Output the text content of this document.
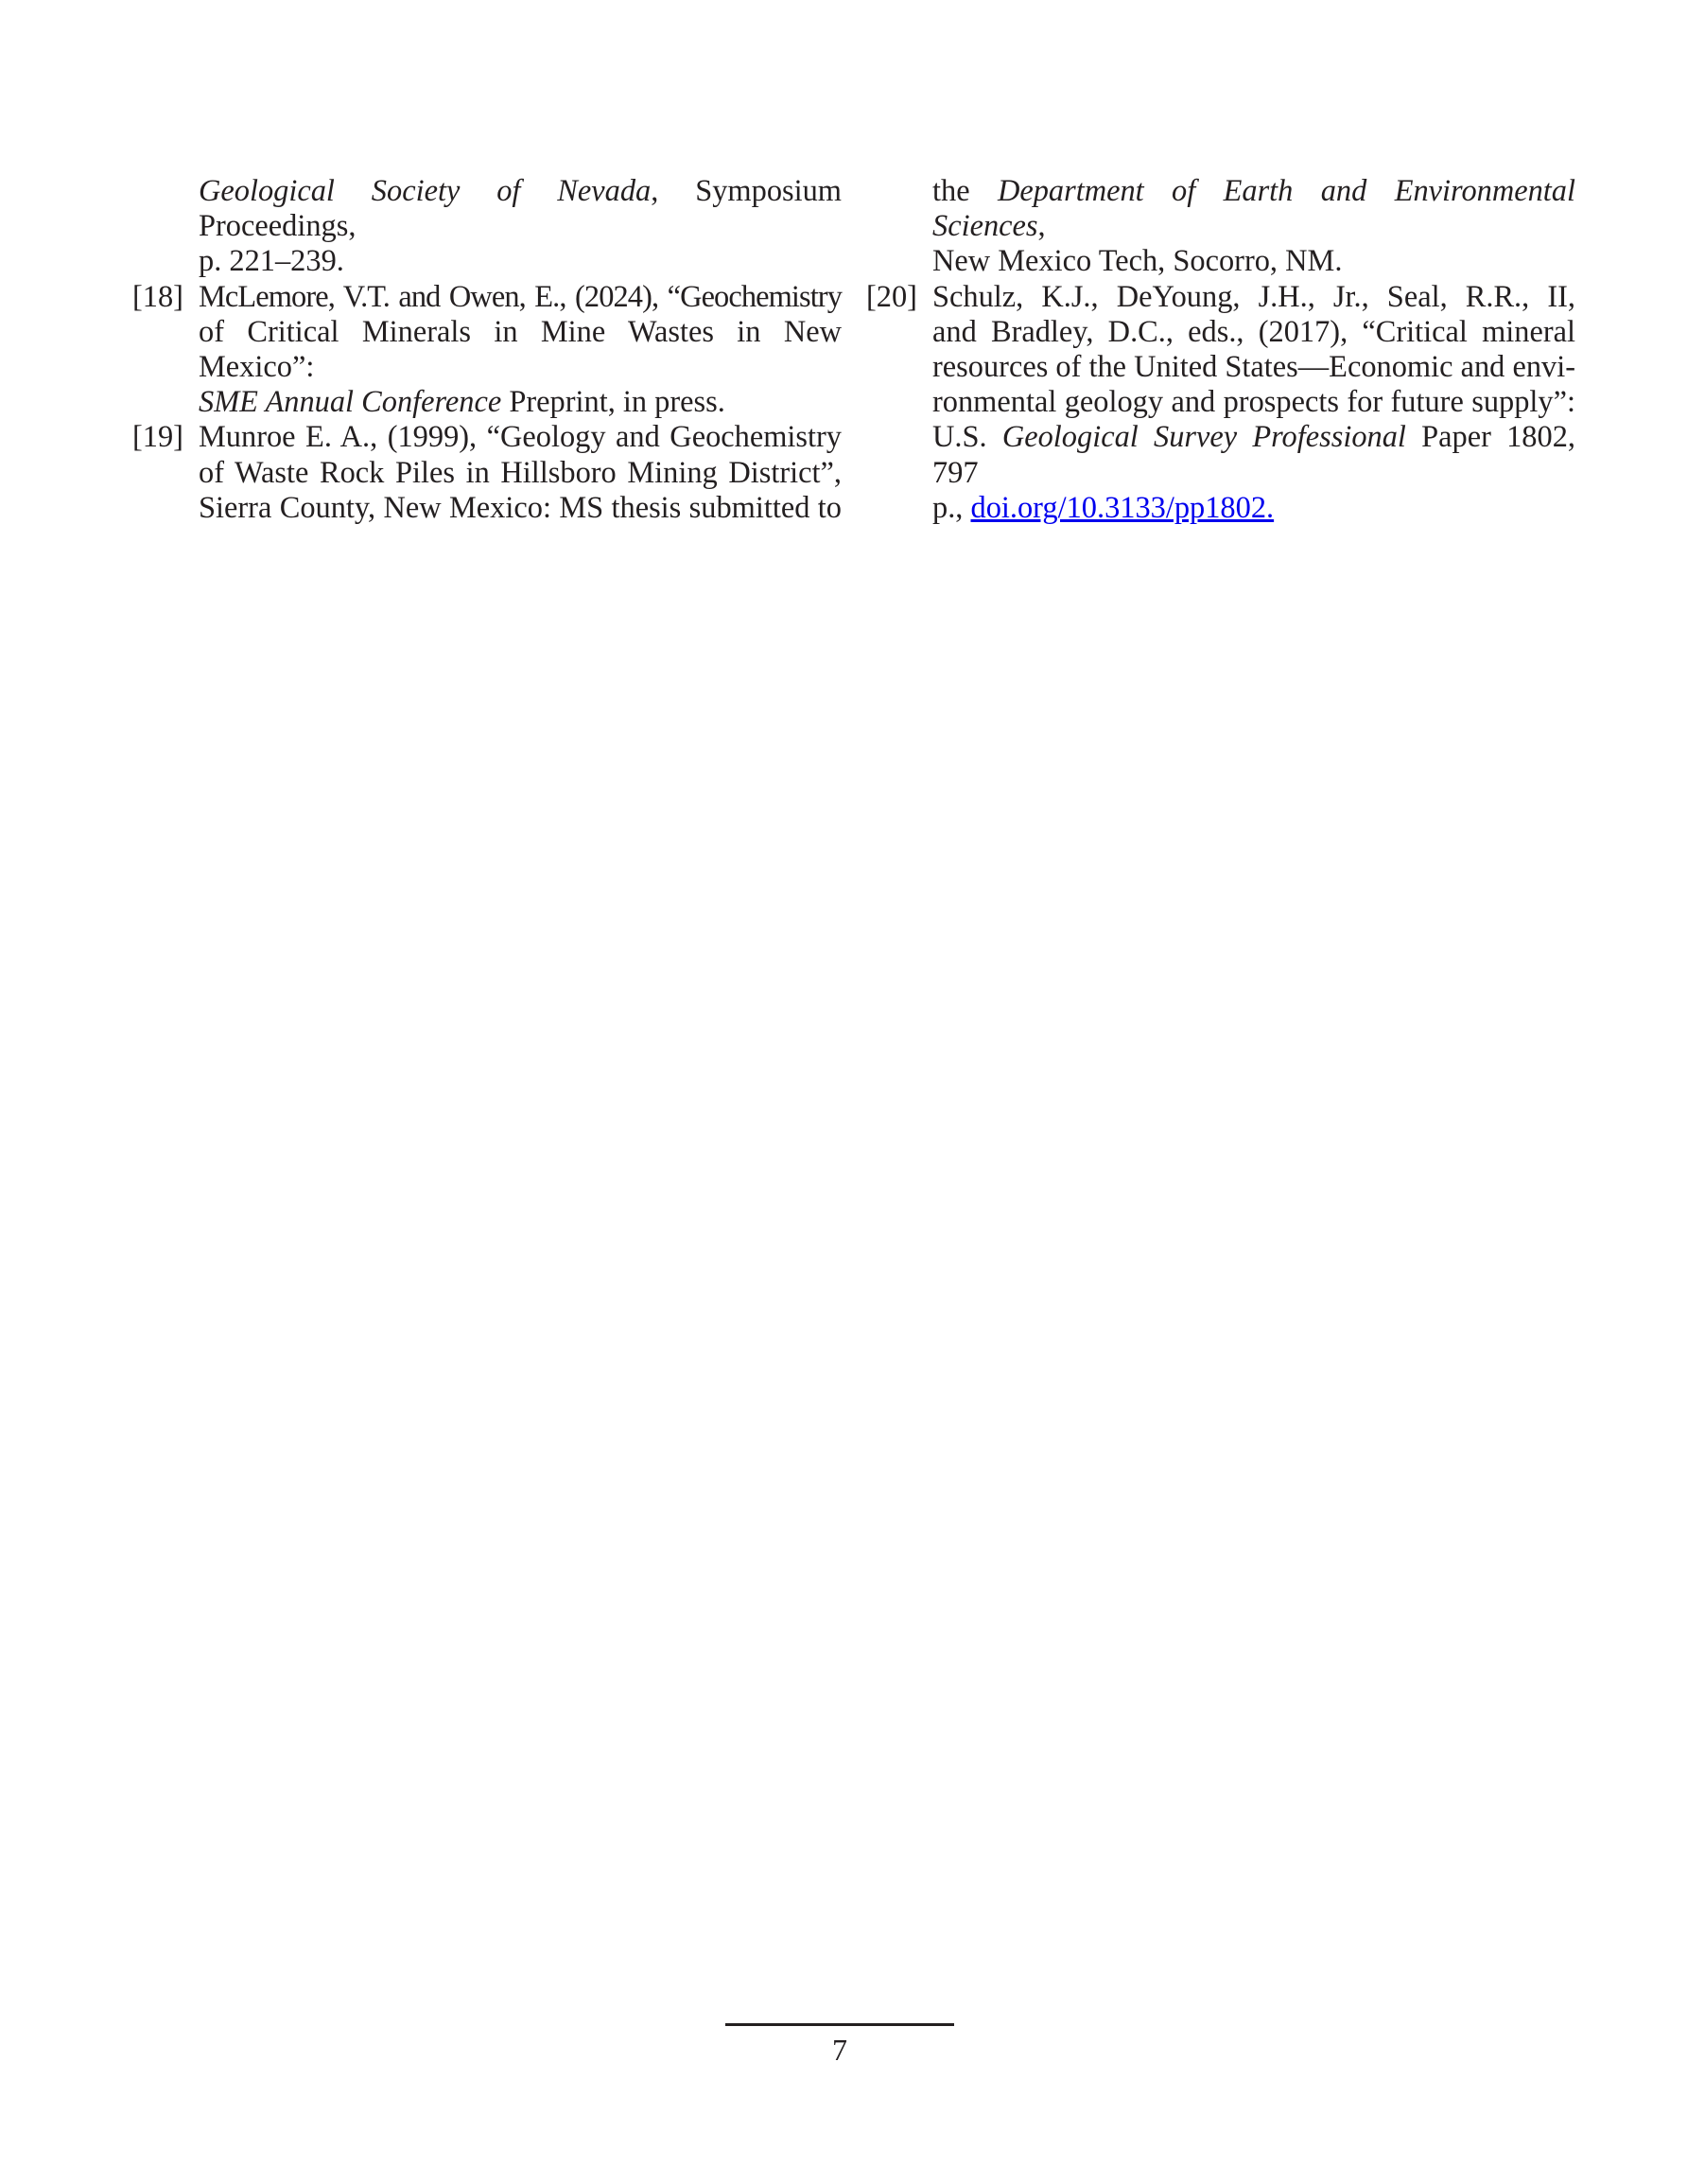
Geological Society of Nevada, Symposium Proceedings,
p. 221–239.
[18] McLemore, V.T. and Owen, E., (2024), “Geochemistry
of Critical Minerals in Mine Wastes in New Mexico”:
SME Annual Conference Preprint, in press.
[19] Munroe E. A., (1999), “Geology and Geochemistry
of Waste Rock Piles in Hillsboro Mining District”,
Sierra County, New Mexico: MS thesis submitted to
the Department of Earth and Environmental Sciences,
New Mexico Tech, Socorro, NM.
[20] Schulz, K.J., DeYoung, J.H., Jr., Seal, R.R., II,
and Bradley, D.C., eds., (2017), “Critical mineral
resources of the United States—Economic and envi-
ronmental geology and prospects for future supply”:
U.S. Geological Survey Professional Paper 1802, 797
p., doi.org/10.3133/pp1802.
7
